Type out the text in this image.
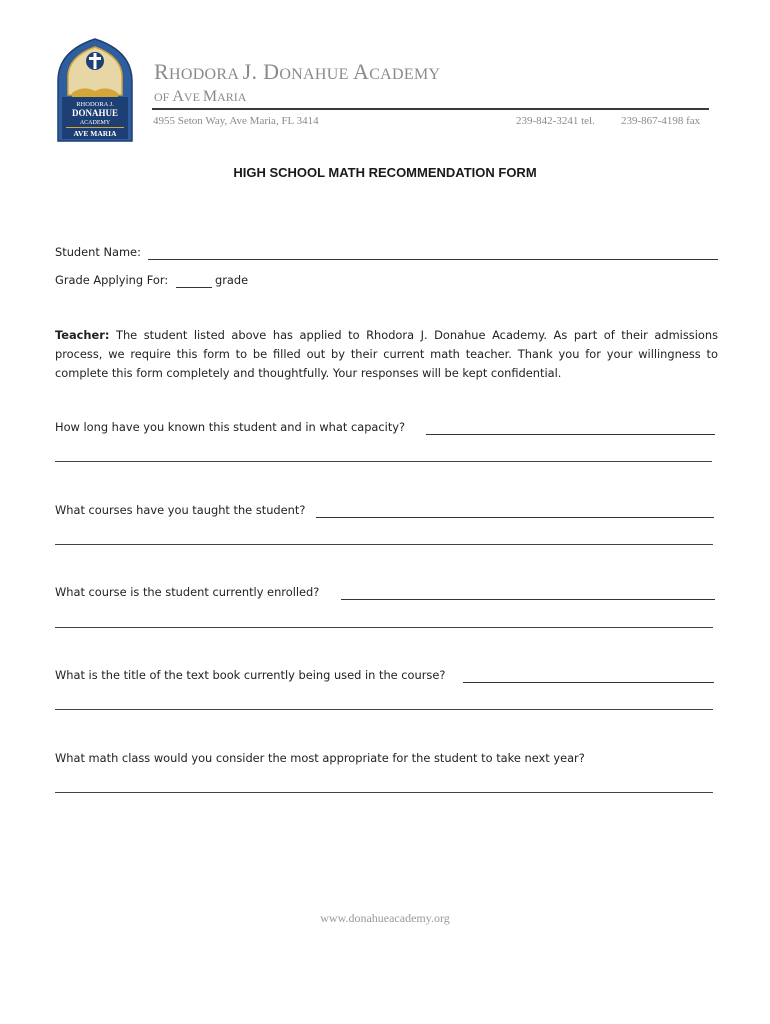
RHODORA J.
DONAHUE
ACADEMY
AVE MARIA
RHODORA J. DONAHUE ACADEMY
OF AVE MARIA
4955 Seton Way, Ave Maria, FL 3414	239-842-3241 tel. 239-867-4198 fax
HIGH SCHOOL MATH RECOMMENDATION FORM
Student Name:
Grade Applying For:	grade
Teacher: The student listed above has applied to Rhodora J. Donahue Academy. As part of their admissions process, we require this form to be filled out by their current math teacher. Thank you for your willingness to complete this form completely and thoughtfully. Your responses will be kept confidential.
How long have you known this student and in what capacity?
What courses have you taught the student?
What course is the student currently enrolled?
What is the title of the text book currently being used in the course?
What math class would you consider the most appropriate for the student to take next year?
www.donahueacademy.org
